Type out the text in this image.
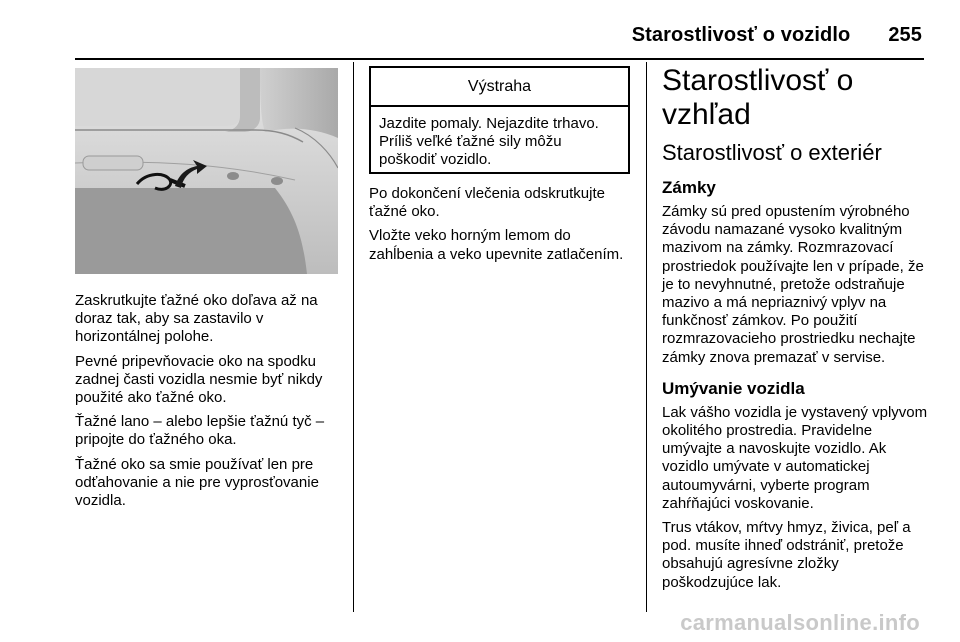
Starostlivosť o vozidlo 255

Zaskrutkujte ťažné oko doľava až na doraz tak, aby sa zastavilo v horizontálnej polohe.

Pevné pripevňovacie oko na spodku zadnej časti vozidla nesmie byť nikdy použité ako ťažné oko.

Ťažné lano – alebo lepšie ťažnú tyč – pripojte do ťažného oka.

Ťažné oko sa smie používať len pre odťahovanie a nie pre vyprosťovanie vozidla.

Výstraha
Jazdite pomaly. Nejazdite trhavo. Príliš veľké ťažné sily môžu poškodiť vozidlo.

Po dokončení vlečenia odskrutkujte ťažné oko.

Vložte veko horným lemom do zahĺbenia a veko upevnite zatlačením.

Starostlivosť o vzhľad
Starostlivosť o exteriér
Zámky

Zámky sú pred opustením výrobného závodu namazané vysoko kvalitným mazivom na zámky. Rozmrazovací prostriedok používajte len v prípade, že je to nevyhnutné, pretože odstraňuje mazivo a má nepriaznivý vplyv na funkčnosť zámkov. Po použití rozmrazovacieho prostriedku nechajte zámky znova premazať v servise.

Umývanie vozidla

Lak vášho vozidla je vystavený vplyvom okolitého prostredia. Pravidelne umývajte a navoskujte vozidlo. Ak vozidlo umývate v automatickej autoumyvárni, vyberte program zahŕňajúci voskovanie.

Trus vtákov, mŕtvy hmyz, živica, peľ a pod. musíte ihneď odstrániť, pretože obsahujú agresívne zložky poškodzujúce lak.

carmanualsonline.info
